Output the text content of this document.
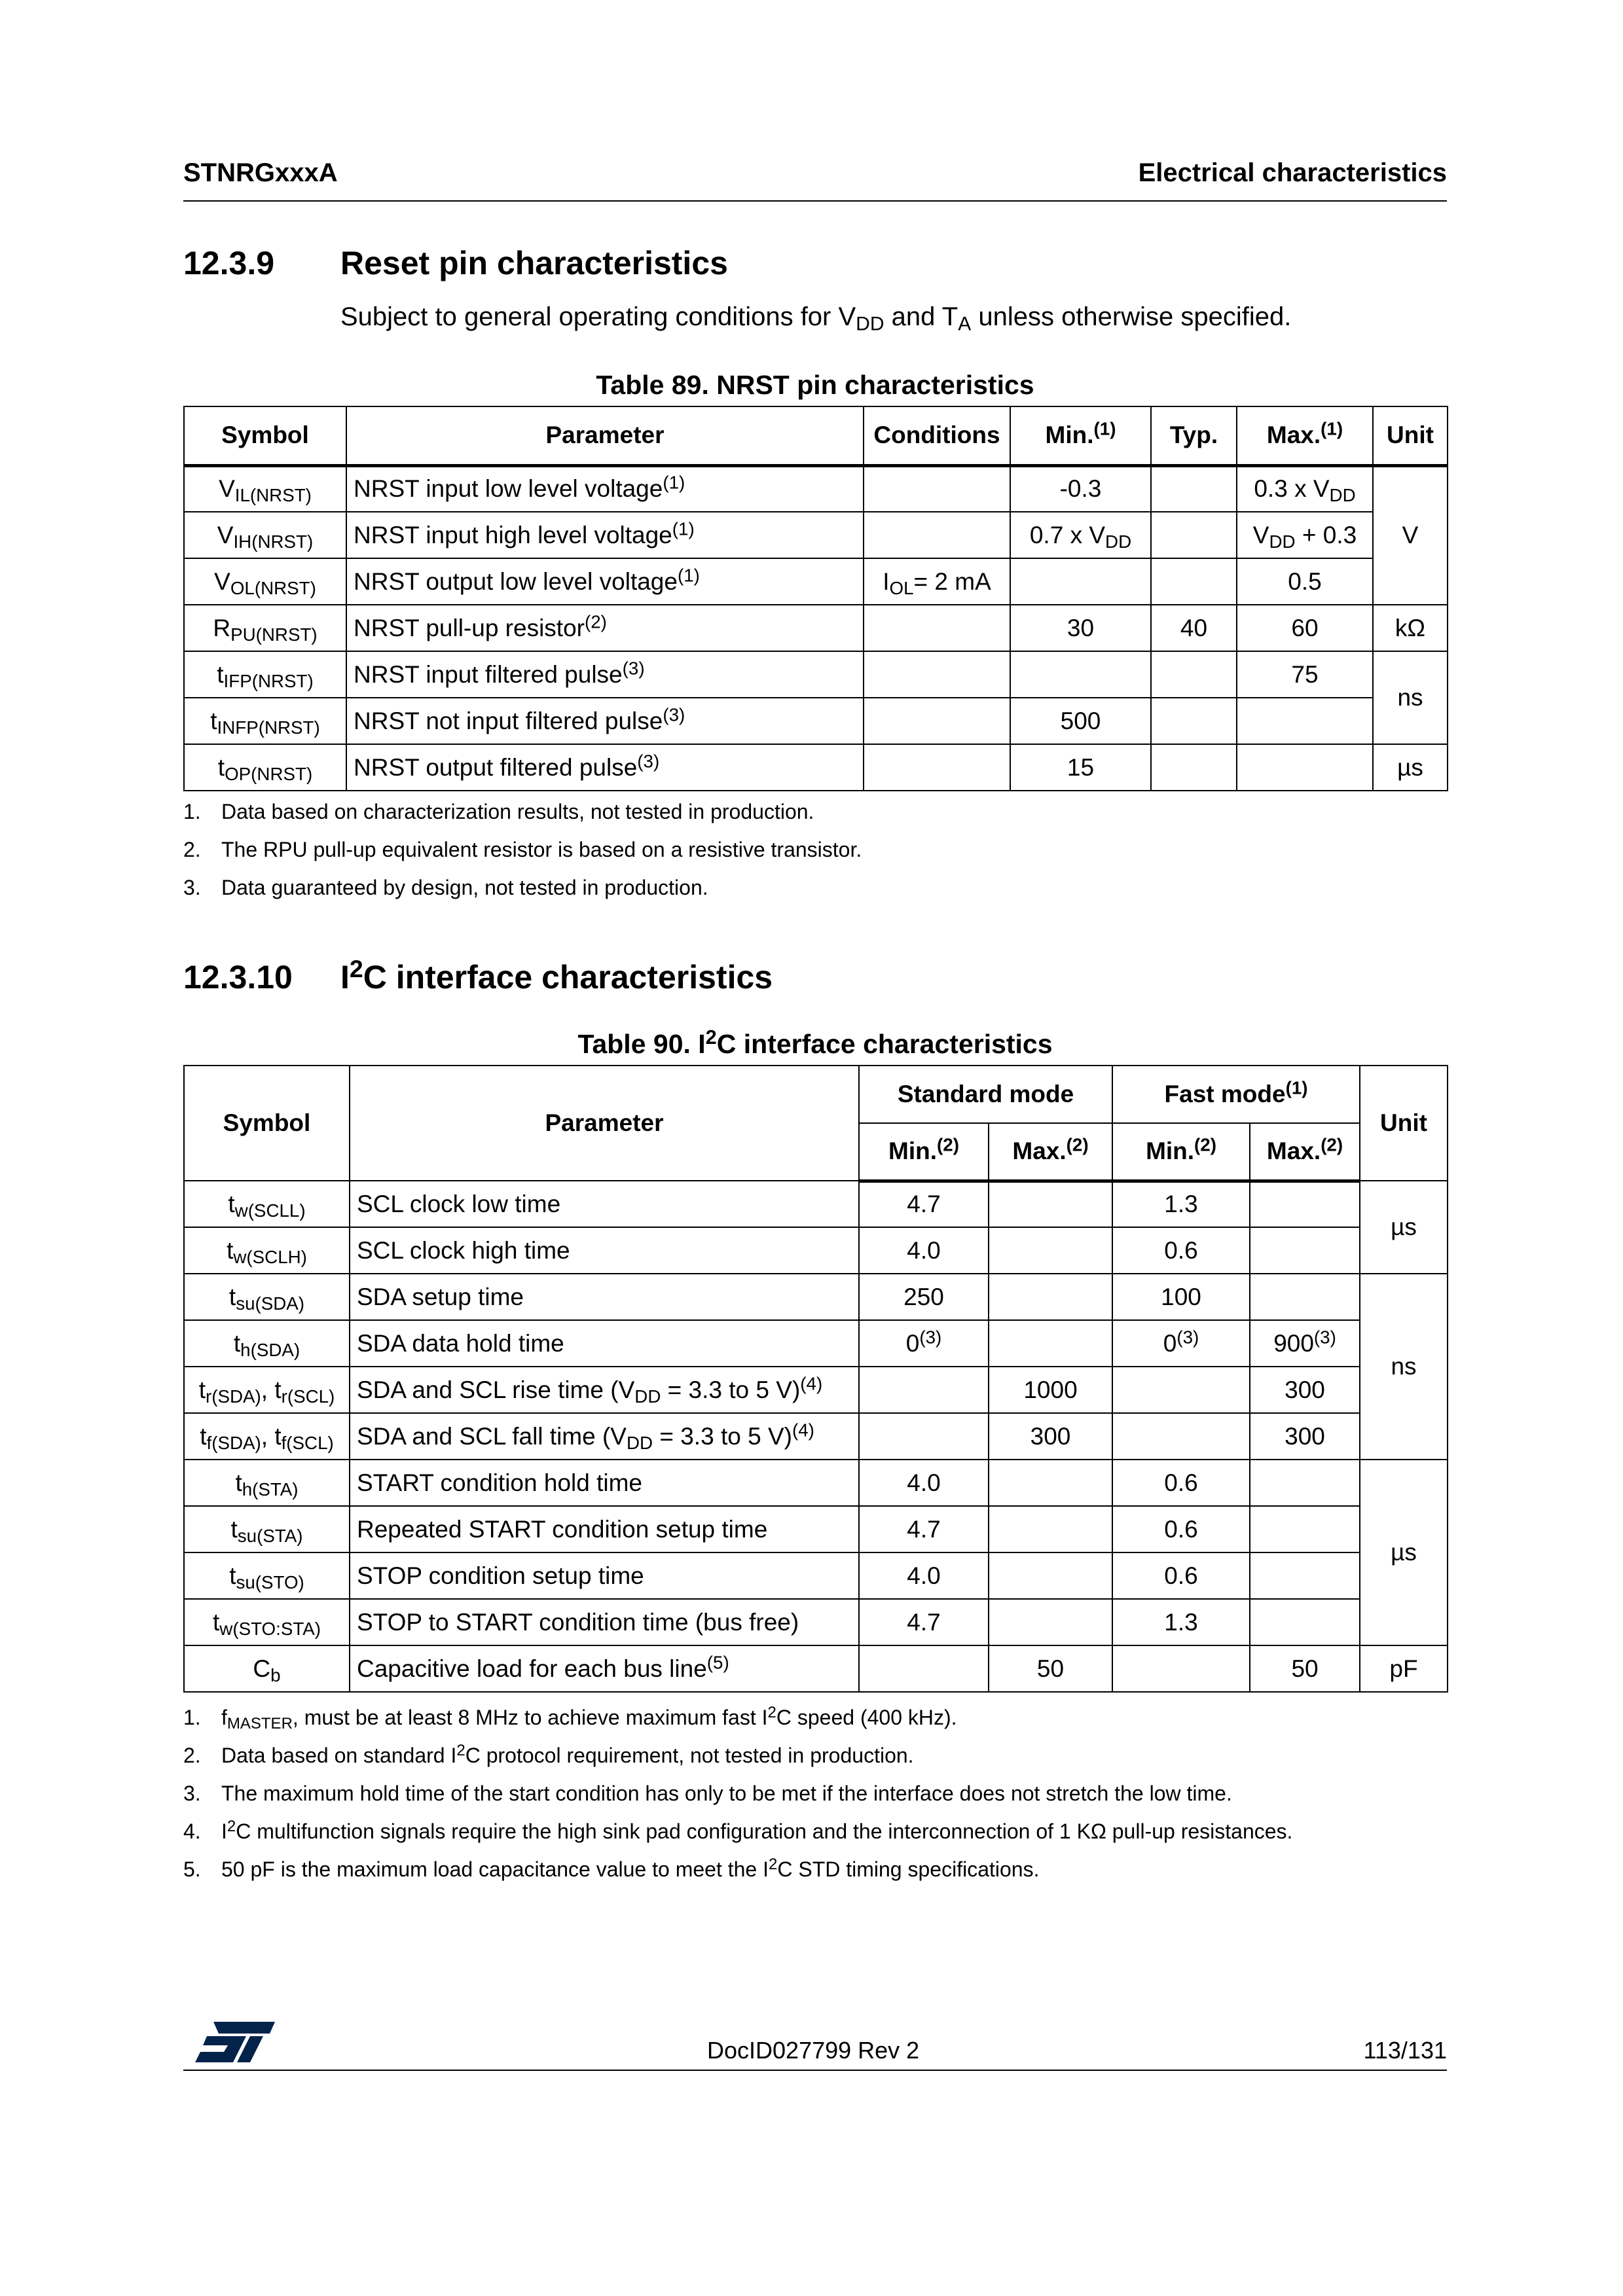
STNRGxxxA	Electrical characteristics
12.3.9 Reset pin characteristics
Subject to general operating conditions for $V_{DD}$ and $T_A$ unless otherwise specified.
Table 89. NRST pin characteristics
Symbol	Parameter	Conditions	Min.$^{(1)}$	Typ.	Max.$^{(1)}$	Unit
$V_{IL(NRST)}$	NRST input low level voltage$^{(1)}$		-0.3		0.3 x $V_{DD}$	V
$V_{IH(NRST)}$	NRST input high level voltage$^{(1)}$		0.7 x $V_{DD}$		$V_{DD} + 0.3$	
$V_{OL(NRST)}$	NRST output low level voltage$^{(1)}$	$I_{OL}= 2$ mA			0.5	
$R_{PU(NRST)}$	NRST pull-up resistor$^{(2)}$		30	40	60	kΩ
$t_{IFP(NRST)}$	NRST input filtered pulse$^{(3)}$				75	ns
$t_{INFP(NRST)}$	NRST not input filtered pulse$^{(3)}$		500			
$t_{OP(NRST)}$	NRST output filtered pulse$^{(3)}$		15			µs
1. Data based on characterization results, not tested in production.
2. The RPU pull-up equivalent resistor is based on a resistive transistor.
3. Data guaranteed by design, not tested in production.
12.3.10 $I^2C$ interface characteristics
Table 90. $I^2C$ interface characteristics
Symbol	Parameter	Standard mode		Fast mode$^{(1)}$		Unit
		Min.$^{(2)}$	Max.$^{(2)}$	Min.$^{(2)}$	Max.$^{(2)}$
$t_{w(SCLL)}$	SCL clock low time	4.7		1.3		µs
$t_{w(SCLH)}$	SCL clock high time	4.0		0.6		
$t_{su(SDA)}$	SDA setup time	250		100		ns
$t_{h(SDA)}$	SDA data hold time	0$^{(3)}$		0$^{(3)}$	900$^{(3)}$
$t_{r(SDA)}$, $t_{r(SCL)}$	SDA and SCL rise time ($V_{DD} = 3.3$ to 5 V)$^{(4)}$		1000		300	
$t_{f(SDA)}$, $t_{f(SCL)}$	SDA and SCL fall time ($V_{DD} = 3.3$ to 5 V)$^{(4)}$		300		300	
$t_{h(STA)}$	START condition hold time	4.0		0.6		µs
$t_{su(STA)}$	Repeated START condition setup time	4.7		0.6		
$t_{su(STO)}$	STOP condition setup time	4.0		0.6		
$t_{w(STO:STA)}$	STOP to START condition time (bus free)	4.7		1.3		
$C_b$	Capacitive load for each bus line$^{(5)}$		50		50	pF
1. $f_{MASTER}$, must be at least 8 MHz to achieve maximum fast $I^2C$ speed (400 kHz).
2. Data based on standard $I^2C$ protocol requirement, not tested in production.
3. The maximum hold time of the start condition has only to be met if the interface does not stretch the low time.
4. $I^2C$ multifunction signals require the high sink pad configuration and the interconnection of 1 KΩ pull-up resistances.
5. 50 pF is the maximum load capacitance value to meet the $I^2C$ STD timing specifications.
DocID027799 Rev 2	113/131
